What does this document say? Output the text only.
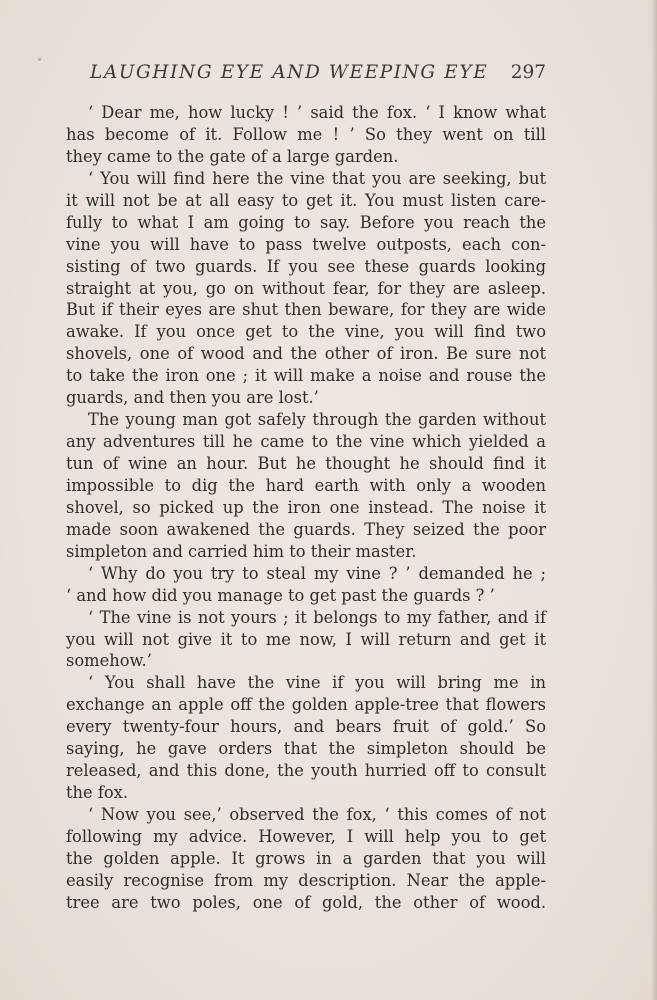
LAUGHING EYE AND WEEPING EYE 297
‘ Dear me, how lucky ! ’ said the fox. ‘ I know what
has become of it. Follow me ! ’ So they went on till
they came to the gate of a large garden.
‘ You will find here the vine that you are seeking, but
it will not be at all easy to get it. You must listen care-
fully to what I am going to say. Before you reach the
vine you will have to pass twelve outposts, each con-
sisting of two guards. If you see these guards looking
straight at you, go on without fear, for they are asleep.
But if their eyes are shut then beware, for they are wide
awake. If you once get to the vine, you will find two
shovels, one of wood and the other of iron. Be sure not
to take the iron one ; it will make a noise and rouse the
guards, and then you are lost.’
The young man got safely through the garden without
any adventures till he came to the vine which yielded a
tun of wine an hour. But he thought he should find it
impossible to dig the hard earth with only a wooden
shovel, so picked up the iron one instead. The noise it
made soon awakened the guards. They seized the poor
simpleton and carried him to their master.
‘ Why do you try to steal my vine ? ’ demanded he ;
‘ and how did you manage to get past the guards ? ’
‘ The vine is not yours ; it belongs to my father, and if
you will not give it to me now, I will return and get it
somehow.’
‘ You shall have the vine if you will bring me in
exchange an apple off the golden apple-tree that flowers
every twenty-four hours, and bears fruit of gold.’ So
saying, he gave orders that the simpleton should be
released, and this done, the youth hurried off to consult
the fox.
‘ Now you see,’ observed the fox, ‘ this comes of not
following my advice. However, I will help you to get
the golden apple. It grows in a garden that you will
easily recognise from my description. Near the apple-
tree are two poles, one of gold, the other of wood.
